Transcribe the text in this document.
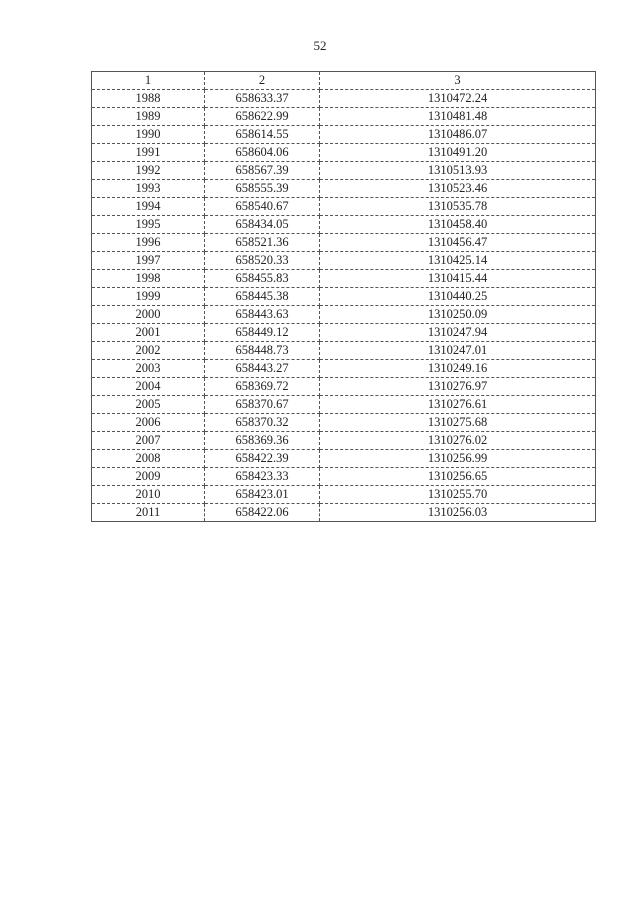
52
1	2	3
1988	658633.37	1310472.24
1989	658622.99	1310481.48
1990	658614.55	1310486.07
1991	658604.06	1310491.20
1992	658567.39	1310513.93
1993	658555.39	1310523.46
1994	658540.67	1310535.78
1995	658434.05	1310458.40
1996	658521.36	1310456.47
1997	658520.33	1310425.14
1998	658455.83	1310415.44
1999	658445.38	1310440.25
2000	658443.63	1310250.09
2001	658449.12	1310247.94
2002	658448.73	1310247.01
2003	658443.27	1310249.16
2004	658369.72	1310276.97
2005	658370.67	1310276.61
2006	658370.32	1310275.68
2007	658369.36	1310276.02
2008	658422.39	1310256.99
2009	658423.33	1310256.65
2010	658423.01	1310255.70
2011	658422.06	1310256.03
